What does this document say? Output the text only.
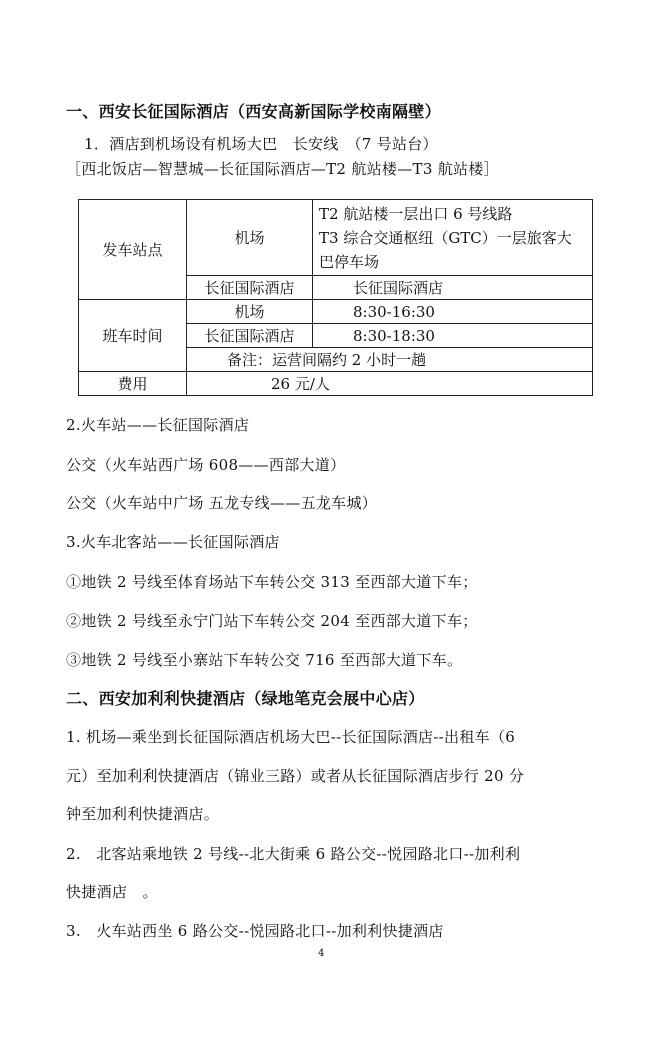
一、西安长征国际酒店（西安高新国际学校南隔壁）
1．酒店到机场设有机场大巴　长安线　（7 号站台）
［西北饭店—智慧城—长征国际酒店—T2 航站楼—T3 航站楼］
发车站点	机场	T2 航站楼一层出口 6 号线路
T3 综合交通枢纽（GTC）一层旅客大
巴停车场

	长征国际酒店	长征国际酒店
班车时间	机场	8:30-16:30
	长征国际酒店	8:30-18:30
	备注：运营间隔约 2 小时一趟	
费用	26 元/人	
2.火车站——长征国际酒店
公交（火车站西广场 608——西部大道）
公交（火车站中广场 五龙专线——五龙车城）
3.火车北客站——长征国际酒店
①地铁 2 号线至体育场站下车转公交 313 至西部大道下车；
②地铁 2 号线至永宁门站下车转公交 204 至西部大道下车；
③地铁 2 号线至小寨站下车转公交 716 至西部大道下车。
二、西安加利利快捷酒店（绿地笔克会展中心店）
1. 机场—乘坐到长征国际酒店机场大巴--长征国际酒店--出租车（6
元）至加利利快捷酒店（锦业三路）或者从长征国际酒店步行 20 分
钟至加利利快捷酒店。
2.　北客站乘地铁 2 号线--北大街乘 6 路公交--悦园路北口--加利利
快捷酒店　。
3.　火车站西坐 6 路公交--悦园路北口--加利利快捷酒店
4
